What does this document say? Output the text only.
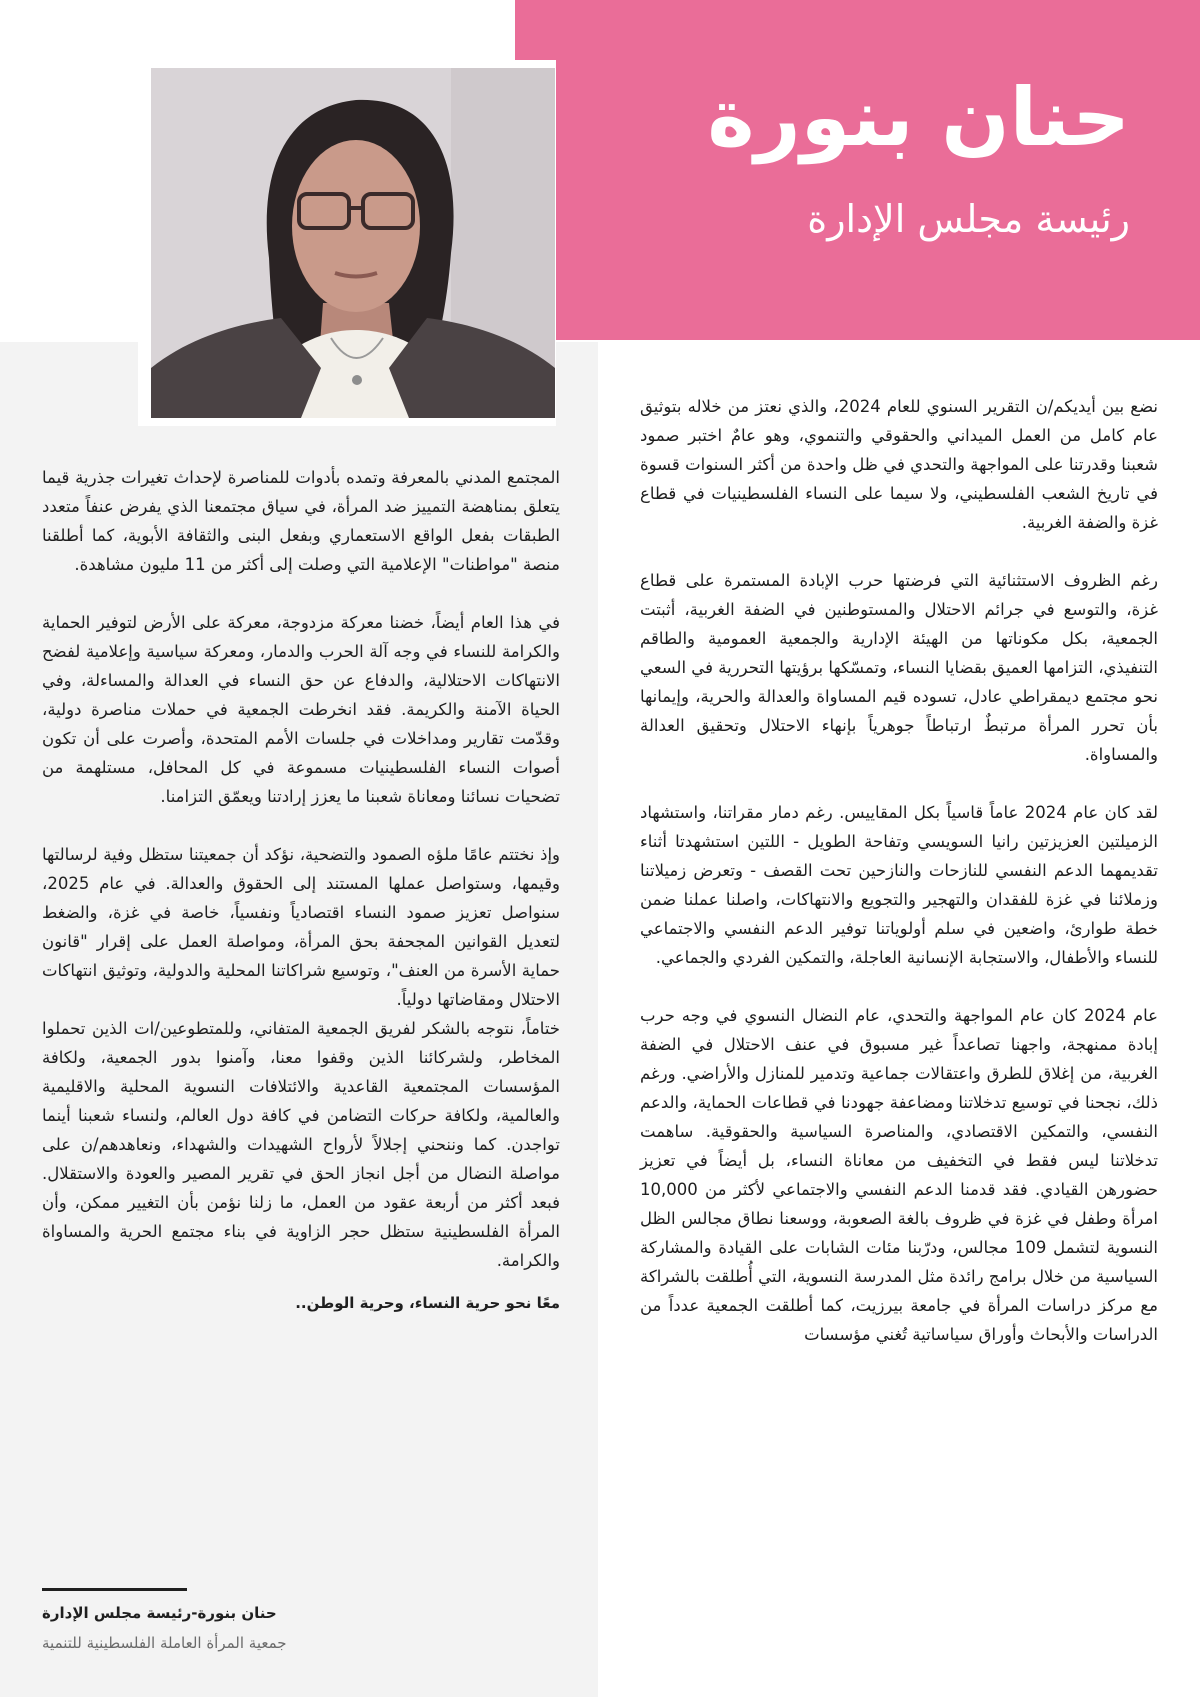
حنان بنورة
رئيسة مجلس الإدارة

نضع بين أيديكم/ن التقرير السنوي للعام 2024، والذي نعتز من خلاله بتوثيق عام كامل من العمل الميداني والحقوقي والتنموي، وهو عامٌ اختبر صمود شعبنا وقدرتنا على المواجهة والتحدي في ظل واحدة من أكثر السنوات قسوة في تاريخ الشعب الفلسطيني، ولا سيما على النساء الفلسطينيات في قطاع غزة والضفة الغربية.

رغم الظروف الاستثنائية التي فرضتها حرب الإبادة المستمرة على قطاع غزة، والتوسع في جرائم الاحتلال والمستوطنين في الضفة الغربية، أثبتت الجمعية، بكل مكوناتها من الهيئة الإدارية والجمعية العمومية والطاقم التنفيذي، التزامها العميق بقضايا النساء، وتمسّكها برؤيتها التحررية في السعي نحو مجتمع ديمقراطي عادل، تسوده قيم المساواة والعدالة والحرية، وإيمانها بأن تحرر المرأة مرتبطٌ ارتباطاً جوهرياً بإنهاء الاحتلال وتحقيق العدالة والمساواة.

لقد كان عام 2024 عاماً قاسياً بكل المقاييس. رغم دمار مقراتنا، واستشهاد الزميلتين العزيزتين رانيا السويسي وتفاحة الطويل - اللتين استشهدتا أثناء تقديمهما الدعم النفسي للنازحات والنازحين تحت القصف - وتعرض زميلاتنا وزملائنا في غزة للفقدان والتهجير والتجويع والانتهاكات، واصلنا عملنا ضمن خطة طوارئ، واضعين في سلم أولوياتنا توفير الدعم النفسي والاجتماعي للنساء والأطفال، والاستجابة الإنسانية العاجلة، والتمكين الفردي والجماعي.

عام 2024 كان عام المواجهة والتحدي، عام النضال النسوي في وجه حرب إبادة ممنهجة، واجهنا تصاعداً غير مسبوق في عنف الاحتلال في الضفة الغربية، من إغلاق للطرق واعتقالات جماعية وتدمير للمنازل والأراضي. ورغم ذلك، نجحنا في توسيع تدخلاتنا ومضاعفة جهودنا في قطاعات الحماية، والدعم النفسي، والتمكين الاقتصادي، والمناصرة السياسية والحقوقية. ساهمت تدخلاتنا ليس فقط في التخفيف من معاناة النساء، بل أيضاً في تعزيز حضورهن القيادي. فقد قدمنا الدعم النفسي والاجتماعي لأكثر من 10,000 امرأة وطفل في غزة في ظروف بالغة الصعوبة، ووسعنا نطاق مجالس الظل النسوية لتشمل 109 مجالس، ودرّبنا مئات الشابات على القيادة والمشاركة السياسية من خلال برامج رائدة مثل المدرسة النسوية، التي أُطلقت بالشراكة مع مركز دراسات المرأة في جامعة بيرزيت، كما أطلقت الجمعية عدداً من الدراسات والأبحاث وأوراق سياساتية تُغني مؤسسات

المجتمع المدني بالمعرفة وتمده بأدوات للمناصرة لإحداث تغيرات جذرية قيما يتعلق بمناهضة التمييز ضد المرأة، في سياق مجتمعنا الذي يفرض عنفاً متعدد الطبقات بفعل الواقع الاستعماري وبفعل البنى والثقافة الأبوية، كما أطلقنا منصة "مواطنات" الإعلامية التي وصلت إلى أكثر من 11 مليون مشاهدة.

في هذا العام أيضاً، خضنا معركة مزدوجة، معركة على الأرض لتوفير الحماية والكرامة للنساء في وجه آلة الحرب والدمار، ومعركة سياسية وإعلامية لفضح الانتهاكات الاحتلالية، والدفاع عن حق النساء في العدالة والمساءلة، وفي الحياة الآمنة والكريمة. فقد انخرطت الجمعية في حملات مناصرة دولية، وقدّمت تقارير ومداخلات في جلسات الأمم المتحدة، وأصرت على أن تكون أصوات النساء الفلسطينيات مسموعة في كل المحافل، مستلهمة من تضحيات نسائنا ومعاناة شعبنا ما يعزز إرادتنا ويعمّق التزامنا.

وإذ نختتم عامًا ملؤه الصمود والتضحية، نؤكد أن جمعيتنا ستظل وفية لرسالتها وقيمها، وستواصل عملها المستند إلى الحقوق والعدالة. في عام 2025، سنواصل تعزيز صمود النساء اقتصادياً ونفسياً، خاصة في غزة، والضغط لتعديل القوانين المجحفة بحق المرأة، ومواصلة العمل على إقرار "قانون حماية الأسرة من العنف"، وتوسيع شراكاتنا المحلية والدولية، وتوثيق انتهاكات الاحتلال ومقاضاتها دولياً.

ختاماً، نتوجه بالشكر لفريق الجمعية المتفاني، وللمتطوعين/ات الذين تحملوا المخاطر، ولشركائنا الذين وقفوا معنا، وآمنوا بدور الجمعية، ولكافة المؤسسات المجتمعية القاعدية والائتلافات النسوية المحلية والاقليمية والعالمية، ولكافة حركات التضامن في كافة دول العالم، ولنساء شعبنا أينما تواجدن. كما وننحني إجلالاً لأرواح الشهيدات والشهداء، ونعاهدهم/ن على مواصلة النضال من أجل انجاز الحق في تقرير المصير والعودة والاستقلال. فبعد أكثر من أربعة عقود من العمل، ما زلنا نؤمن بأن التغيير ممكن، وأن المرأة الفلسطينية ستظل حجر الزاوية في بناء مجتمع الحرية والمساواة والكرامة.

معًا نحو حرية النساء، وحرية الوطن..
حنان بنورة-رئيسة مجلس الإدارة
جمعية المرأة العاملة الفلسطينية للتنمية
